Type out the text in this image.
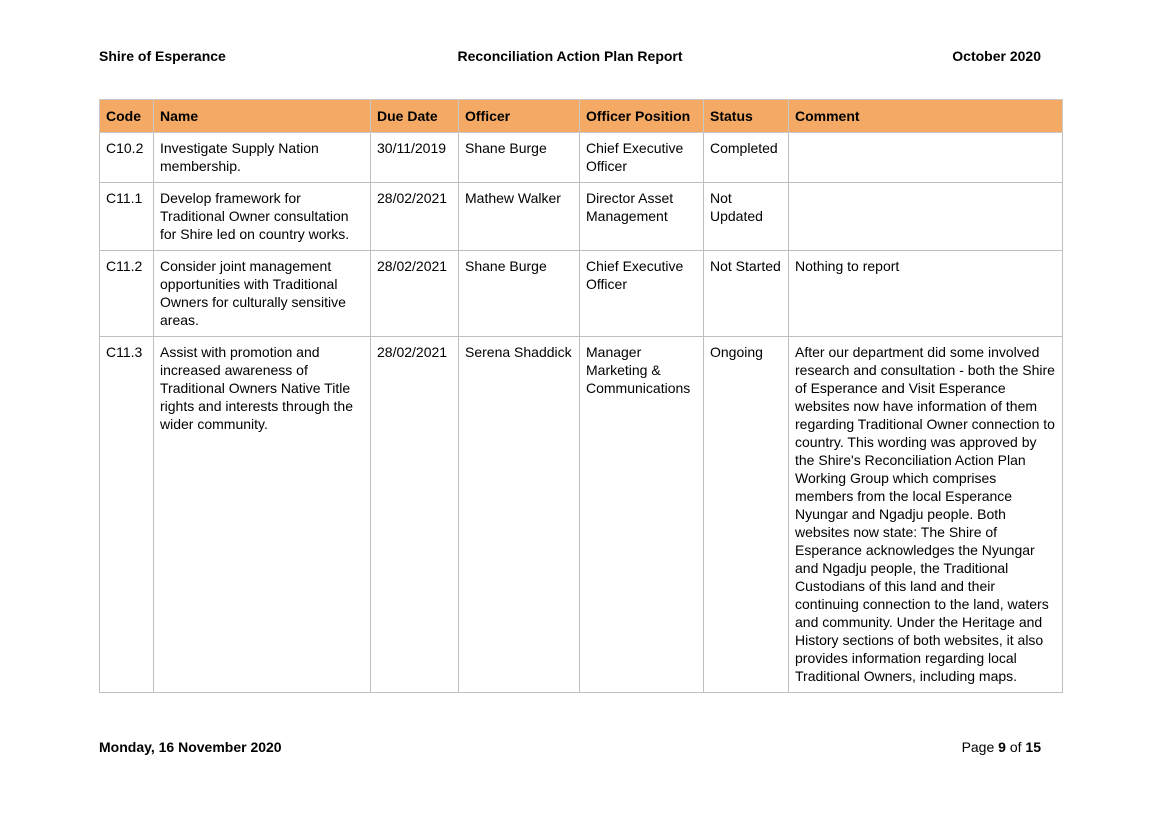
Shire of Esperance	Reconciliation Action Plan Report	October 2020
Code	Name	Due Date	Officer	Officer Position	Status	Comment
C10.2	Investigate Supply Nation membership.	30/11/2019	Shane Burge	Chief Executive Officer	Completed	
C11.1	Develop framework for Traditional Owner consultation for Shire led on country works.	28/02/2021	Mathew Walker	Director Asset Management	Not Updated	
C11.2	Consider joint management opportunities with Traditional Owners for culturally sensitive areas.	28/02/2021	Shane Burge	Chief Executive Officer	Not Started	Nothing to report
C11.3	Assist with promotion and increased awareness of Traditional Owners Native Title rights and interests through the wider community.	28/02/2021	Serena Shaddick	Manager Marketing & Communications	Ongoing	After our department did some involved research and consultation - both the Shire of Esperance and Visit Esperance websites now have information of them regarding Traditional Owner connection to country. This wording was approved by the Shire's Reconciliation Action Plan Working Group which comprises members from the local Esperance Nyungar and Ngadju people. Both websites now state: The Shire of Esperance acknowledges the Nyungar and Ngadju people, the Traditional Custodians of this land and their continuing connection to the land, waters and community. Under the Heritage and History sections of both websites, it also provides information regarding local Traditional Owners, including maps.
Monday, 16 November 2020	Page 9 of 15
